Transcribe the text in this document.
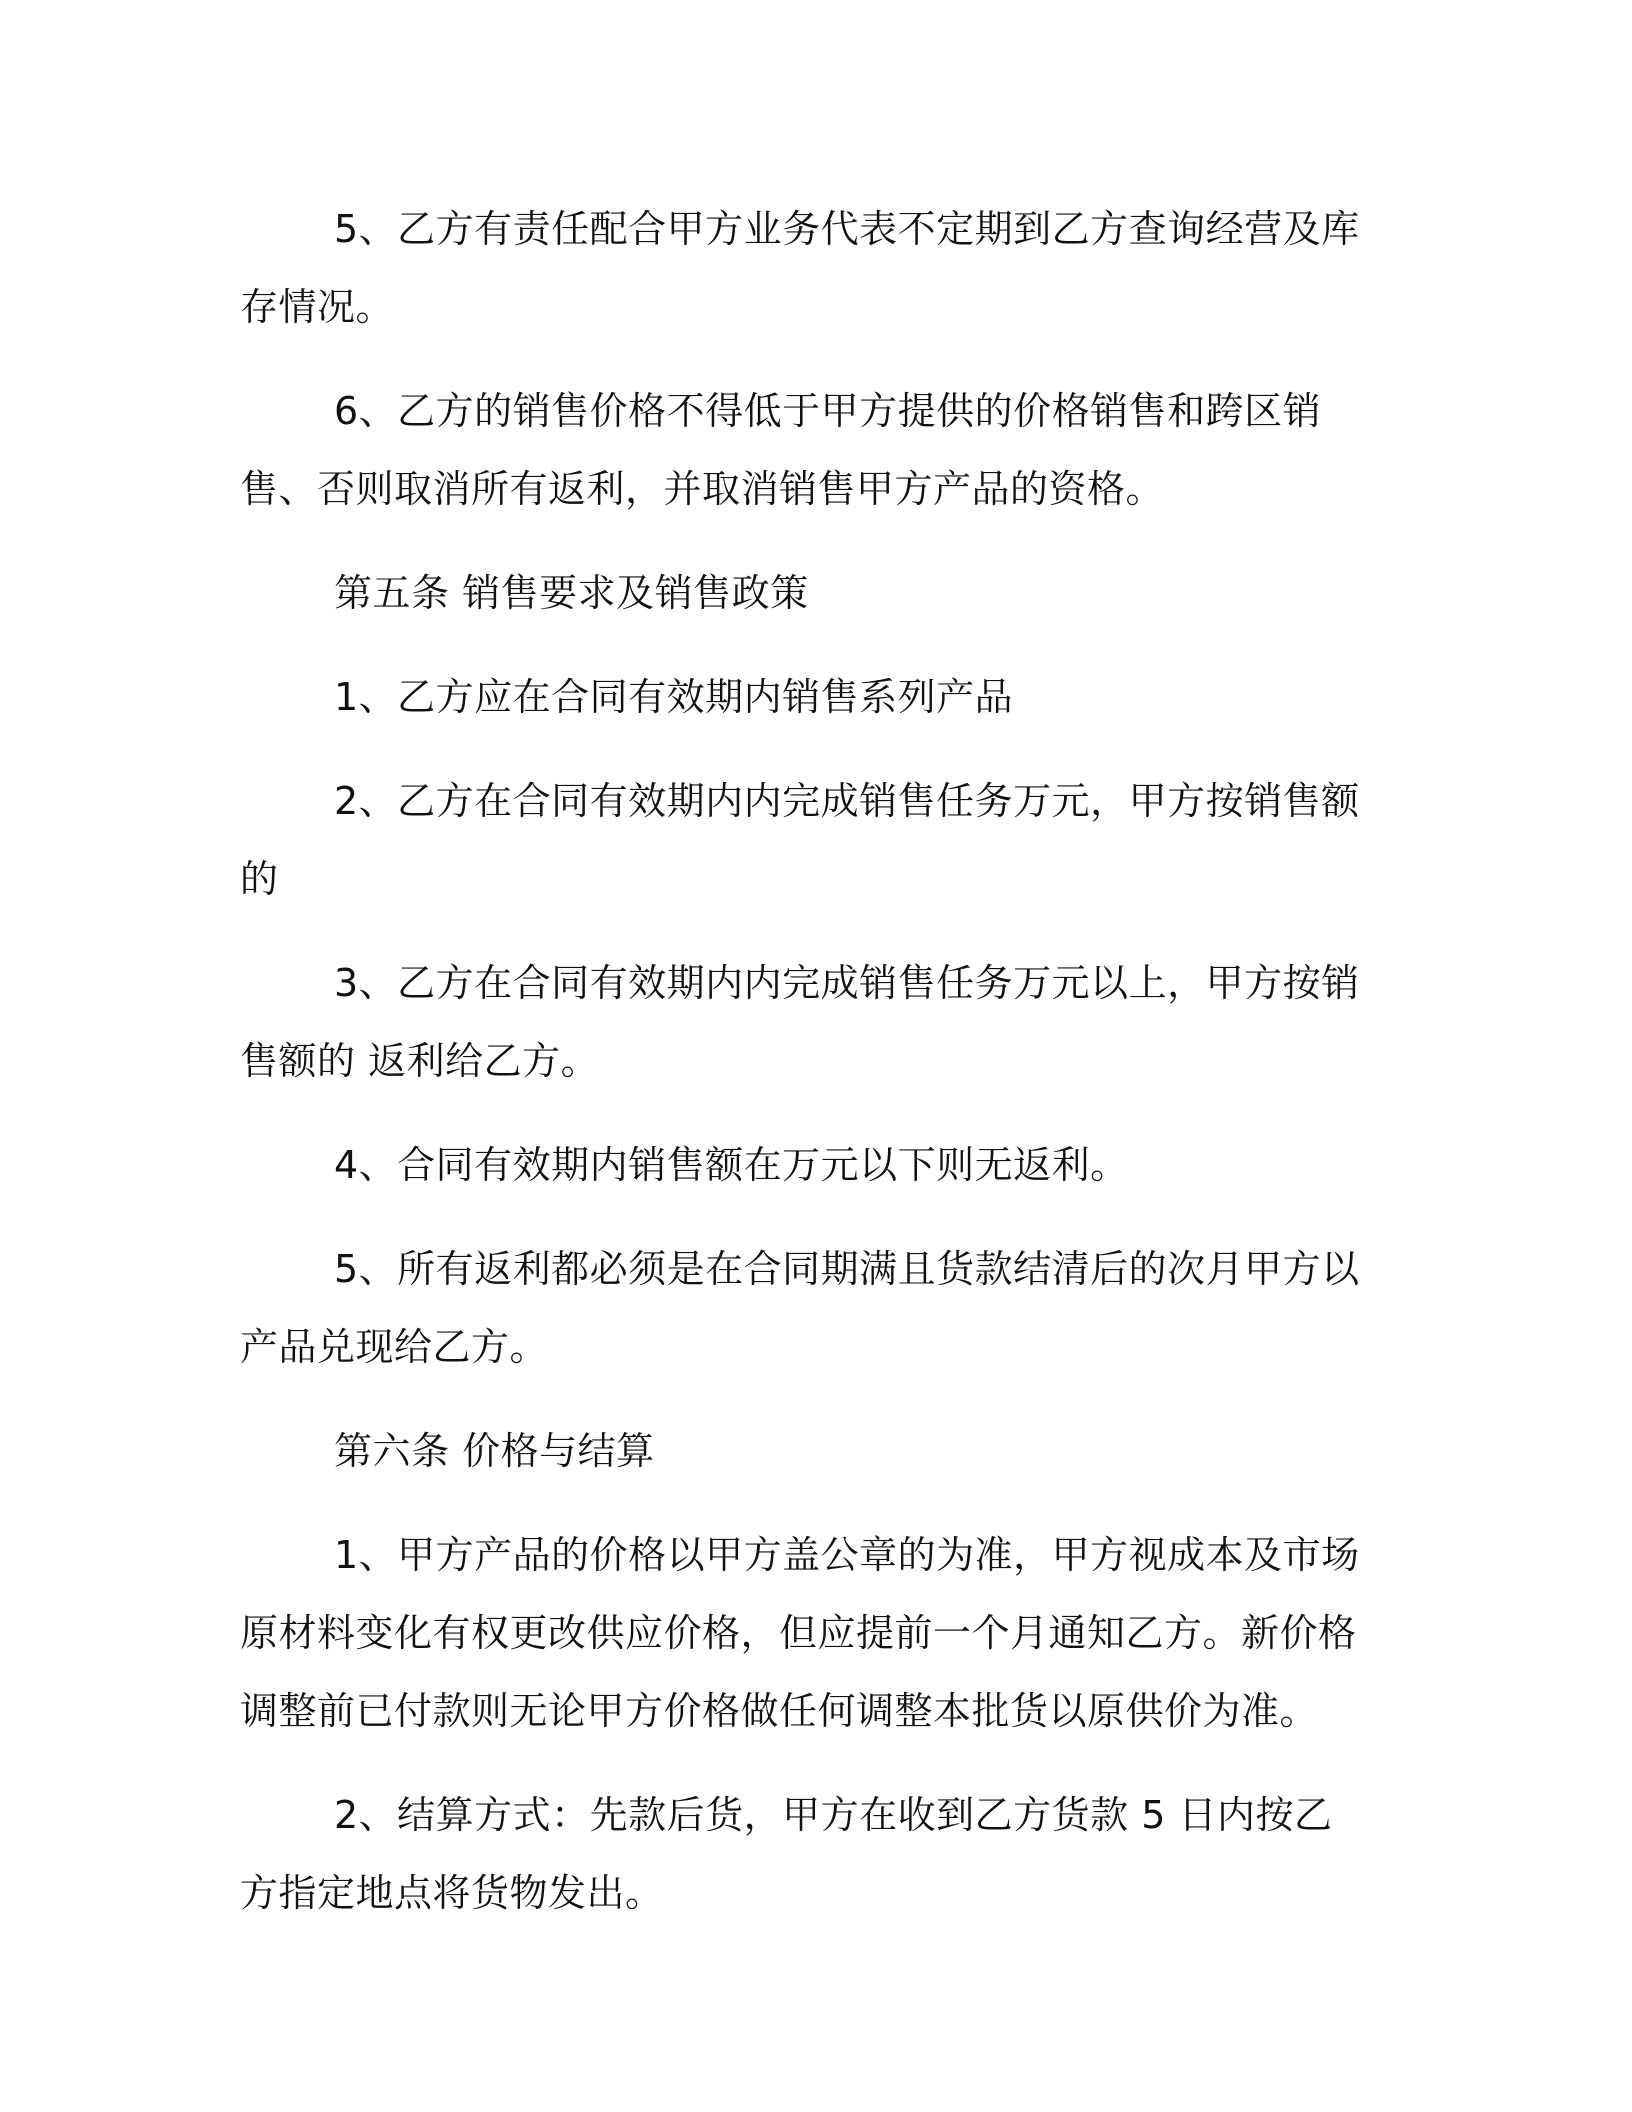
5、乙方有责任配合甲方业务代表不定期到乙方查询经营及库存情况。

6、乙方的销售价格不得低于甲方提供的价格销售和跨区销售、否则取消所有返利，并取消销售甲方产品的资格。

第五条 销售要求及销售政策

1、乙方应在合同有效期内销售系列产品

2、乙方在合同有效期内内完成销售任务万元，甲方按销售额的

3、乙方在合同有效期内内完成销售任务万元以上，甲方按销售额的 返利给乙方。

4、合同有效期内销售额在万元以下则无返利。

5、所有返利都必须是在合同期满且货款结清后的次月甲方以产品兑现给乙方。

第六条 价格与结算

1、甲方产品的价格以甲方盖公章的为准，甲方视成本及市场原材料变化有权更改供应价格，但应提前一个月通知乙方。新价格调整前已付款则无论甲方价格做任何调整本批货以原供价为准。

2、结算方式：先款后货，甲方在收到乙方货款 5 日内按乙方指定地点将货物发出。
